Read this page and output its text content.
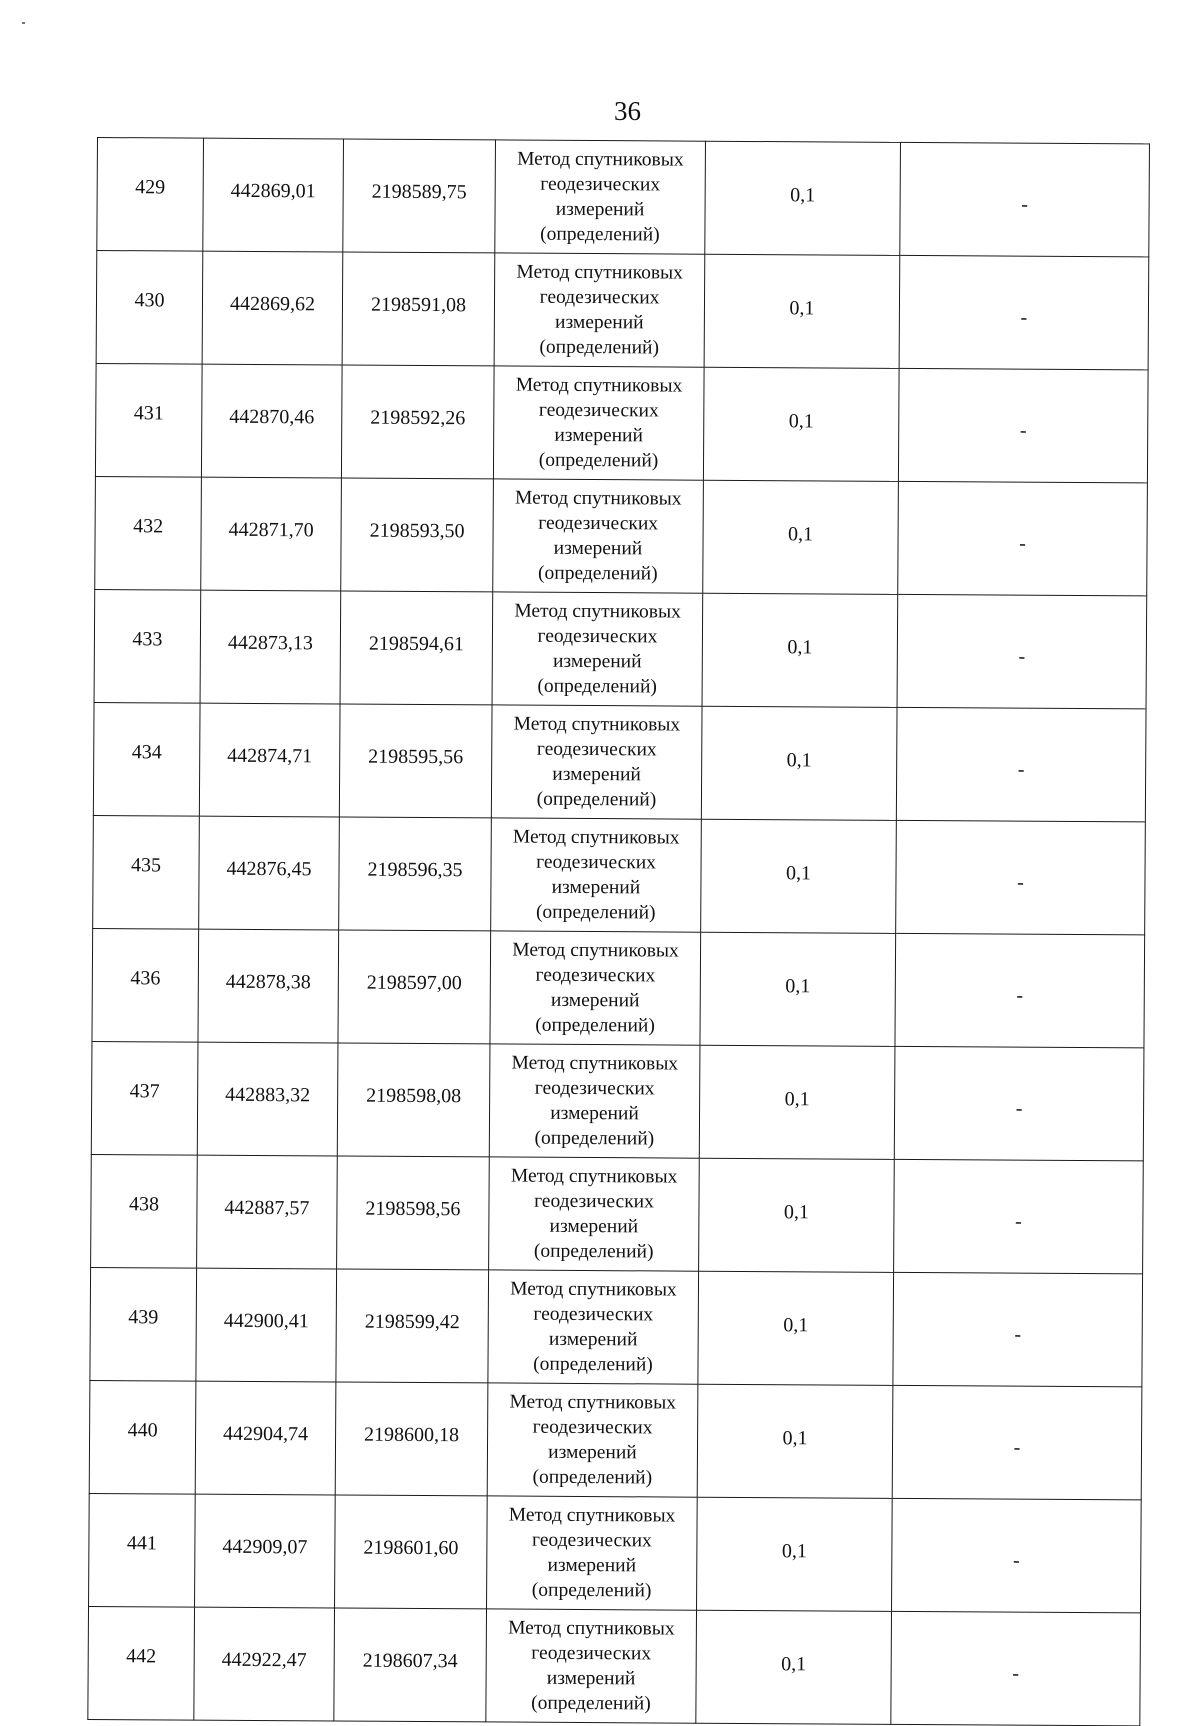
36
429	442869,01	2198589,75	Метод спутниковых
геодезических
измерений
(определений)	0,1	-
430	442869,62	2198591,08	Метод спутниковых
геодезических
измерений
(определений)	0,1	-
431	442870,46	2198592,26	Метод спутниковых
геодезических
измерений
(определений)	0,1	-
432	442871,70	2198593,50	Метод спутниковых
геодезических
измерений
(определений)	0,1	-
433	442873,13	2198594,61	Метод спутниковых
геодезических
измерений
(определений)	0,1	-
434	442874,71	2198595,56	Метод спутниковых
геодезических
измерений
(определений)	0,1	-
435	442876,45	2198596,35	Метод спутниковых
геодезических
измерений
(определений)	0,1	-
436	442878,38	2198597,00	Метод спутниковых
геодезических
измерений
(определений)	0,1	-
437	442883,32	2198598,08	Метод спутниковых
геодезических
измерений
(определений)	0,1	-
438	442887,57	2198598,56	Метод спутниковых
геодезических
измерений
(определений)	0,1	-
439	442900,41	2198599,42	Метод спутниковых
геодезических
измерений
(определений)	0,1	-
440	442904,74	2198600,18	Метод спутниковых
геодезических
измерений
(определений)	0,1	-
441	442909,07	2198601,60	Метод спутниковых
геодезических
измерений
(определений)	0,1	-
442	442922,47	2198607,34	Метод спутниковых
геодезических
измерений
(определений)	0,1	-
